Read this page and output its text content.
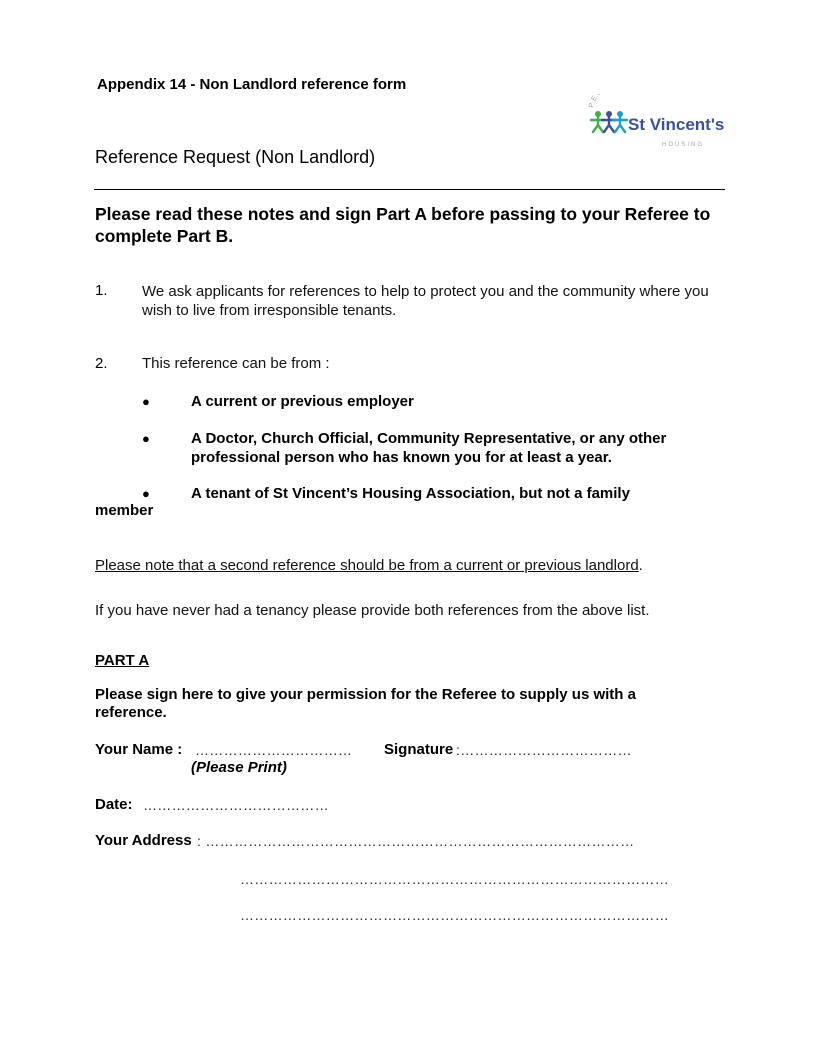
Appendix 14 - Non Landlord reference form
PE
St Vincent's
HOUSING
Reference Request (Non Landlord)
Please read these notes and sign Part A before passing to your Referee to complete Part B.
1. We ask applicants for references to help to protect you and the community where you wish to live from irresponsible tenants.
2. This reference can be from :
●	A current or previous employer
●	A Doctor, Church Official, Community Representative, or any other professional person who has known you for at least a year.
●	A tenant of St Vincent’s Housing Association, but not a family
member
Please note that a second reference should be from a current or previous landlord.
If you have never had a tenancy please provide both references from the above list.
PART A
Please sign here to give your permission for the Referee to supply us with a reference.
Your Name : …………………………… Signature :………………………………
(Please Print)
Date: …………………………………
Your Address : ………………………………………………………………………………
………………………………………………………………………………
………………………………………………………………………………
